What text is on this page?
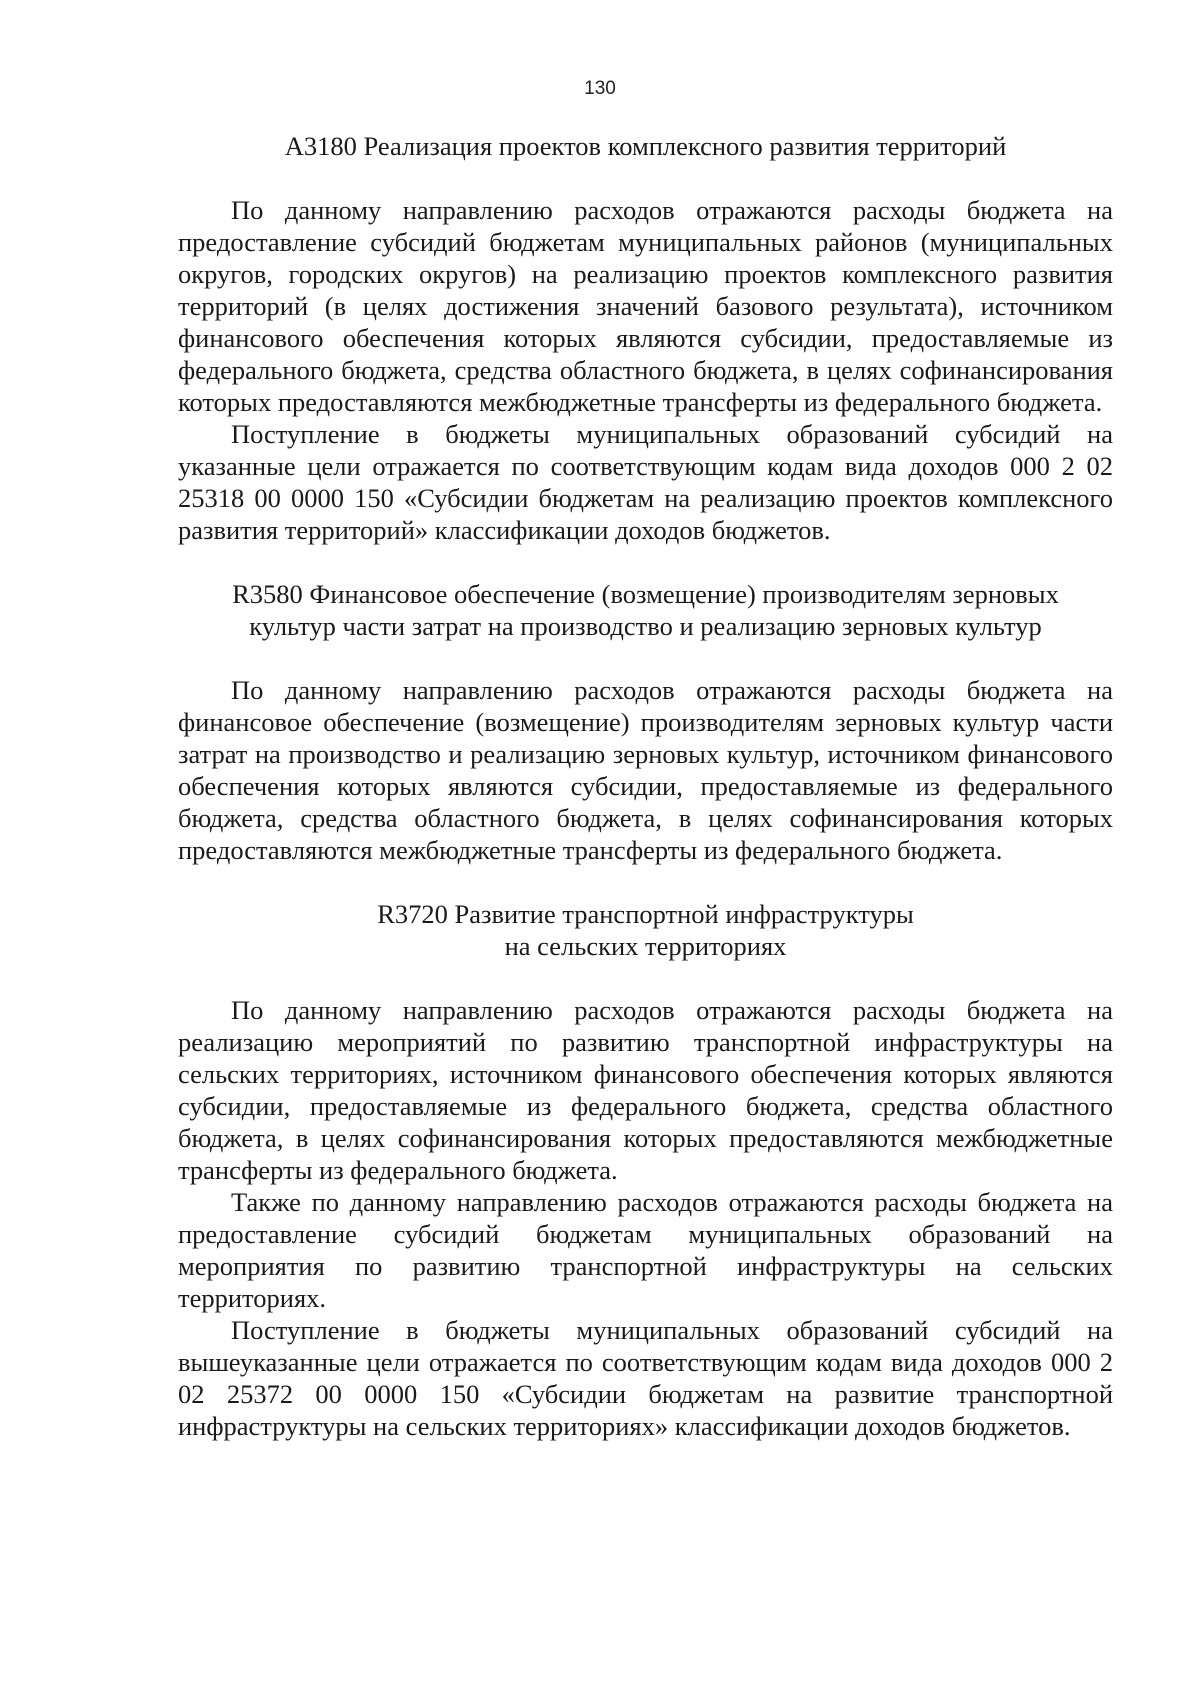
130

А3180 Реализация проектов комплексного развития территорий

По данному направлению расходов отражаются расходы бюджета на предоставление субсидий бюджетам муниципальных районов (муниципальных округов, городских округов) на реализацию проектов комплексного развития территорий (в целях достижения значений базового результата), источником финансового обеспечения которых являются субсидии, предоставляемые из федерального бюджета, средства областного бюджета, в целях софинансирования которых предоставляются межбюджетные трансферты из федерального бюджета.

Поступление в бюджеты муниципальных образований субсидий на указанные цели отражается по соответствующим кодам вида доходов 000 2 02 25318 00 0000 150 «Субсидии бюджетам на реализацию проектов комплексного развития территорий» классификации доходов бюджетов.

R3580 Финансовое обеспечение (возмещение) производителям зерновых культур части затрат на производство и реализацию зерновых культур

По данному направлению расходов отражаются расходы бюджета на финансовое обеспечение (возмещение) производителям зерновых культур части затрат на производство и реализацию зерновых культур, источником финансового обеспечения которых являются субсидии, предоставляемые из федерального бюджета, средства областного бюджета, в целях софинансирования которых предоставляются межбюджетные трансферты из федерального бюджета.

R3720 Развитие транспортной инфраструктуры

на сельских территориях

По данному направлению расходов отражаются расходы бюджета на реализацию мероприятий по развитию транспортной инфраструктуры на сельских территориях, источником финансового обеспечения которых являются субсидии, предоставляемые из федерального бюджета, средства областного бюджета, в целях софинансирования которых предоставляются межбюджетные трансферты из федерального бюджета.

Также по данному направлению расходов отражаются расходы бюджета на предоставление субсидий бюджетам муниципальных образований на мероприятия по развитию транспортной инфраструктуры на сельских территориях.

Поступление в бюджеты муниципальных образований субсидий на вышеуказанные цели отражается по соответствующим кодам вида доходов 000 2 02 25372 00 0000 150 «Субсидии бюджетам на развитие транспортной инфраструктуры на сельских территориях» классификации доходов бюджетов.
